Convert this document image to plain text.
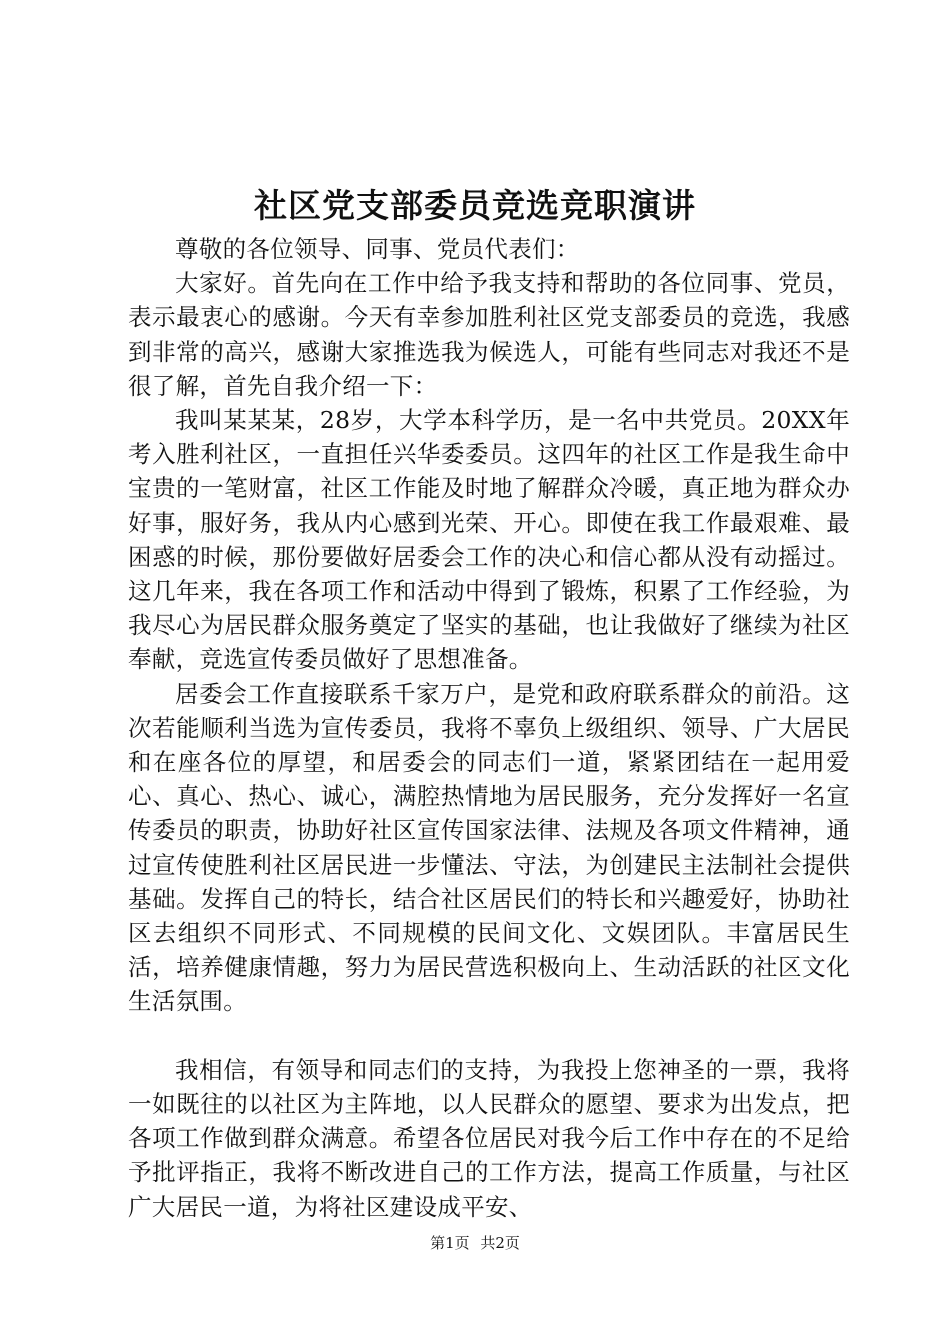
社区党支部委员竞选竞职演讲

尊敬的各位领导、同事、党员代表们：

大家好。首先向在工作中给予我支持和帮助的各位同事、党员，表示最衷心的感谢。今天有幸参加胜利社区党支部委员的竞选，我感到非常的高兴，感谢大家推选我为候选人，可能有些同志对我还不是很了解，首先自我介绍一下：

我叫某某某，28岁，大学本科学历，是一名中共党员。20XX年考入胜利社区，一直担任兴华委委员。这四年的社区工作是我生命中宝贵的一笔财富，社区工作能及时地了解群众冷暖，真正地为群众办好事，服好务，我从内心感到光荣、开心。即使在我工作最艰难、最困惑的时候，那份要做好居委会工作的决心和信心都从没有动摇过。这几年来，我在各项工作和活动中得到了锻炼，积累了工作经验，为我尽心为居民群众服务奠定了坚实的基础，也让我做好了继续为社区奉献，竞选宣传委员做好了思想准备。

居委会工作直接联系千家万户，是党和政府联系群众的前沿。这次若能顺利当选为宣传委员，我将不辜负上级组织、领导、广大居民和在座各位的厚望，和居委会的同志们一道，紧紧团结在一起用爱心、真心、热心、诚心，满腔热情地为居民服务，充分发挥好一名宣传委员的职责，协助好社区宣传国家法律、法规及各项文件精神，通过宣传使胜利社区居民进一步懂法、守法，为创建民主法制社会提供基础。发挥自己的特长，结合社区居民们的特长和兴趣爱好，协助社区去组织不同形式、不同规模的民间文化、文娱团队。丰富居民生活，培养健康情趣，努力为居民营选积极向上、生动活跃的社区文化生活氛围。

我相信，有领导和同志们的支持，为我投上您神圣的一票，我将一如既往的以社区为主阵地，以人民群众的愿望、要求为出发点，把各项工作做到群众满意。希望各位居民对我今后工作中存在的不足给予批评指正，我将不断改进自己的工作方法，提高工作质量，与社区广大居民一道，为将社区建设成平安、

第1页 共2页
